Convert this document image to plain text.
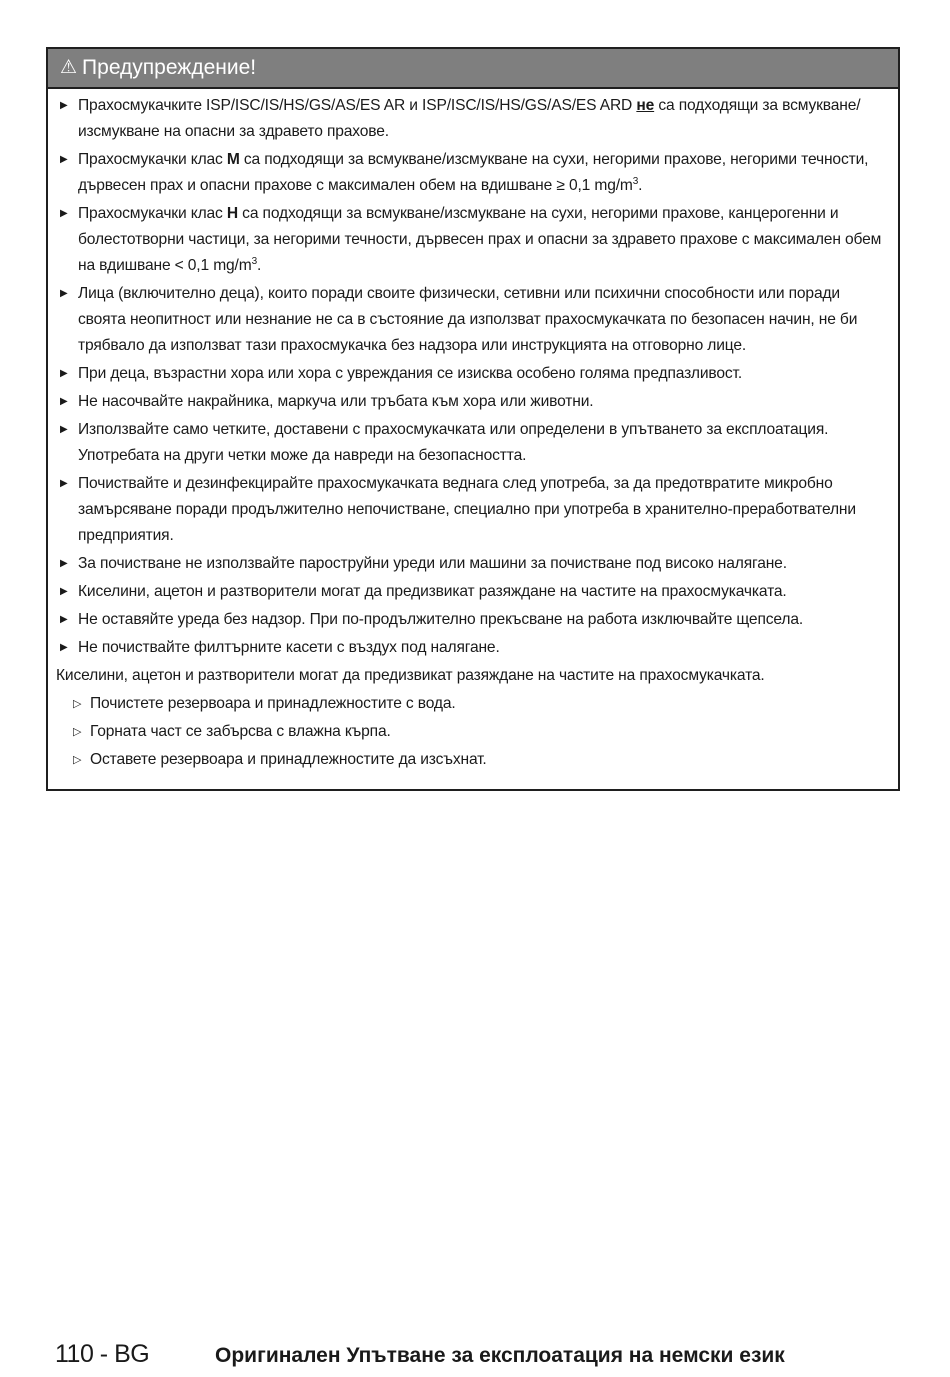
⚠ Предупреждение!
▶ Прахосмукачките ISP/ISC/IS/HS/GS/AS/ES AR и ISP/ISC/IS/HS/GS/AS/ES ARD не са подходящи за всмукване/ изсмукване на опасни за здравето прахове.
▶ Прахосмукачки клас M са подходящи за всмукване/изсмукване на сухи, негорими прахове, негорими течности, дървесен прах и опасни прахове с максимален обем на вдишване ≥ 0,1 $mg/m^3$.
▶ Прахосмукачки клас H са подходящи за всмукване/изсмукване на сухи, негорими прахове, канцерогенни и болестотворни частици, за негорими течности, дървесен прах и опасни за здравето прахове с максимален обем на вдишване < 0,1 $mg/m^3$.
▶ Лица (включително деца), които поради своите физически, сетивни или психични способности или поради своята неопитност или незнание не са в състояние да използват прахосмукачката по безопасен начин, не би трябвало да използват тази прахосмукачка без надзора или инструкцията на отговорно лице.
▶ При деца, възрастни хора или хора с увреждания се изисква особено голяма предпазливост.
▶ Не насочвайте накрайника, маркуча или тръбата към хора или животни.
▶ Използвайте само четките, доставени с прахосмукачката или определени в упътването за експлоатация. Употребата на други четки може да навреди на безопасността.
▶ Почиствайте и дезинфекцирайте прахосмукачката веднага след употреба, за да предотвратите микробно замърсяване поради продължително непочистване, специално при употреба в хранително-преработвателни предприятия.
▶ За почистване не използвайте пароструйни уреди или машини за почистване под високо налягане.
▶ Киселини, ацетон и разтворители могат да предизвикат разяждане на частите на прахосмукачката.
▶ Не оставяйте уреда без надзор. При по-продължително прекъсване на работа изключвайте щепсела.
▶ Не почиствайте филтърните касети с въздух под налягане.
Киселини, ацетон и разтворители могат да предизвикат разяждане на частите на прахосмукачката.
▷ Почистете резервоара и принадлежностите с вода.
▷ Горната част се забърсва с влажна кърпа.
▷ Оставете резервоара и принадлежностите да изсъхнат.
110 - BG	Оригинален Упътване за експлоатация на немски език
